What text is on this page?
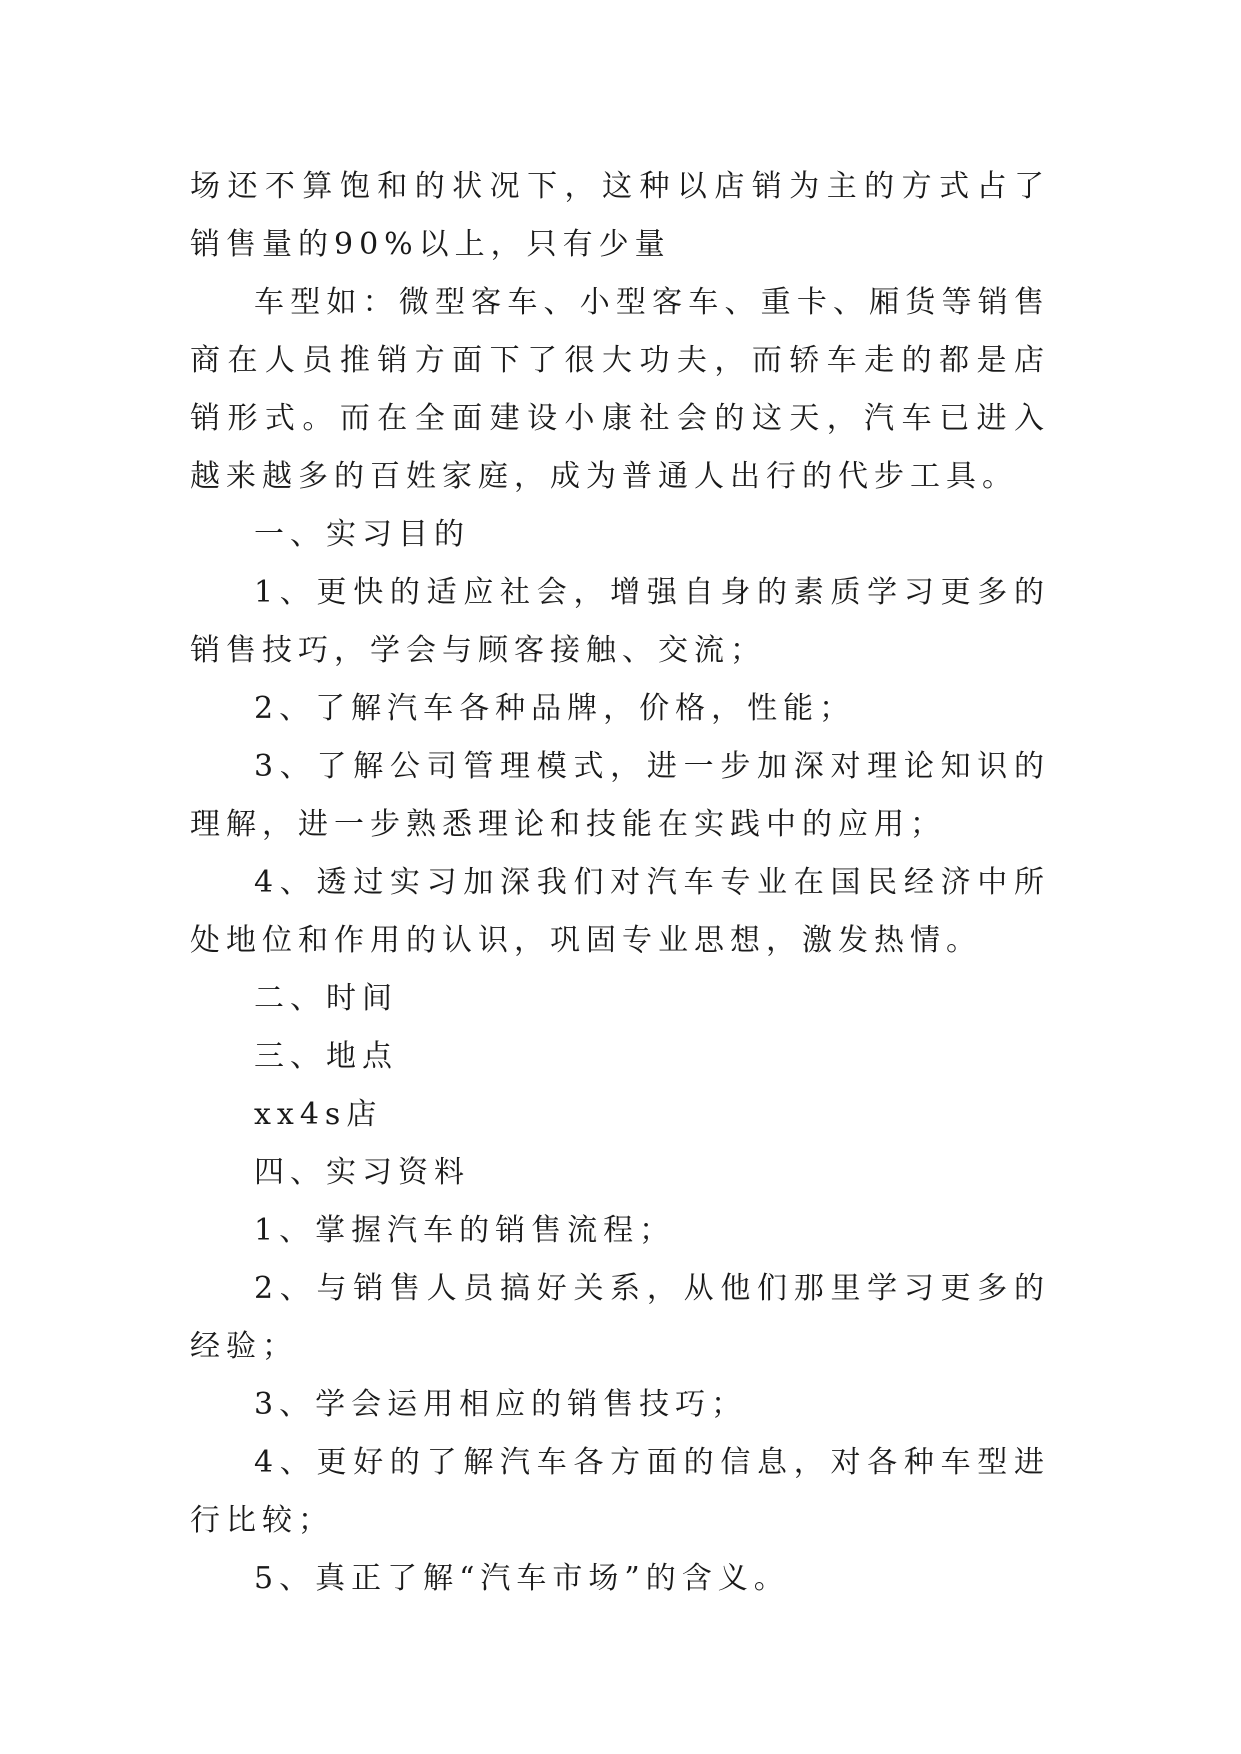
场还不算饱和的状况下，这种以店销为主的方式占了销售量的90%以上，只有少量

车型如：微型客车、小型客车、重卡、厢货等销售商在人员推销方面下了很大功夫，而轿车走的都是店销形式。而在全面建设小康社会的这天，汽车已进入越来越多的百姓家庭，成为普通人出行的代步工具。

一、实习目的

1、更快的适应社会，增强自身的素质学习更多的销售技巧，学会与顾客接触、交流；

2、了解汽车各种品牌，价格，性能；

3、了解公司管理模式，进一步加深对理论知识的理解，进一步熟悉理论和技能在实践中的应用；

4、透过实习加深我们对汽车专业在国民经济中所处地位和作用的认识，巩固专业思想，激发热情。

二、时间

三、地点

xx4s店

四、实习资料

1、掌握汽车的销售流程；

2、与销售人员搞好关系，从他们那里学习更多的经验；

3、学会运用相应的销售技巧；

4、更好的了解汽车各方面的信息，对各种车型进行比较；

5、真正了解“汽车市场”的含义。
